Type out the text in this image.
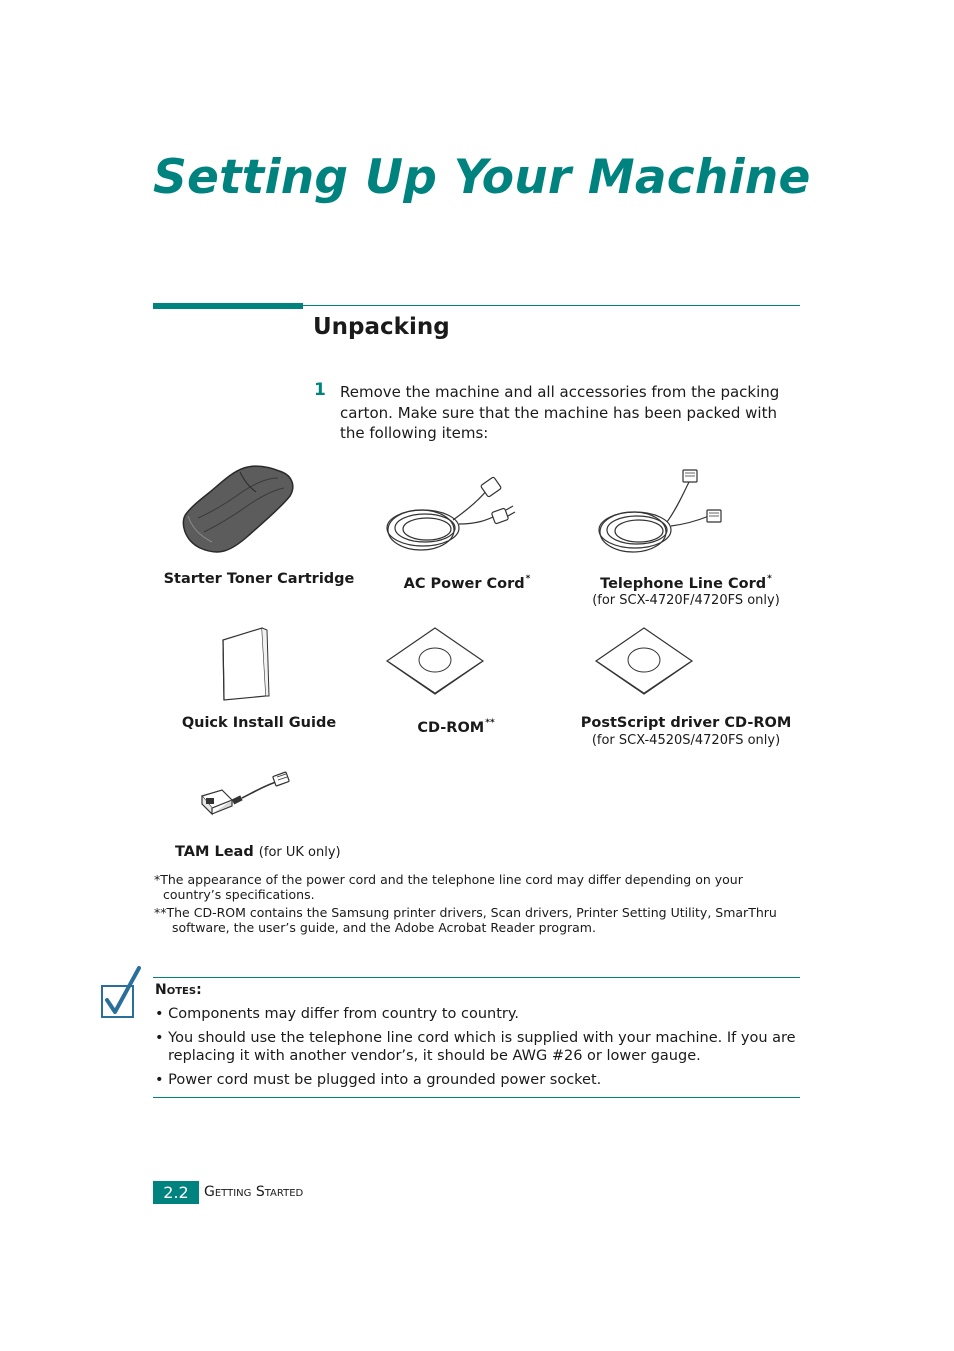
Setting Up Your Machine
Unpacking
1 Remove the machine and all accessories from the packing carton. Make sure that the machine has been packed with the following items:

Starter Toner Cartridge	AC Power Cord*	Telephone Line Cord*
(for SCX-4720F/4720FS only)
Quick Install Guide	CD-ROM**	PostScript driver CD-ROM
(for SCX-4520S/4720FS only)
TAM Lead (for UK only)

*The appearance of the power cord and the telephone line cord may differ depending on your country’s specifications.

**The CD-ROM contains the Samsung printer drivers, Scan drivers, Printer Setting Utility, SmarThru software, the user’s guide, and the Adobe Acrobat Reader program.

Notes:
• Components may differ from country to country.
• You should use the telephone line cord which is supplied with your machine. If you are replacing it with another vendor’s, it should be AWG #26 or lower gauge.
• Power cord must be plugged into a grounded power socket.
2.2	Getting Started
